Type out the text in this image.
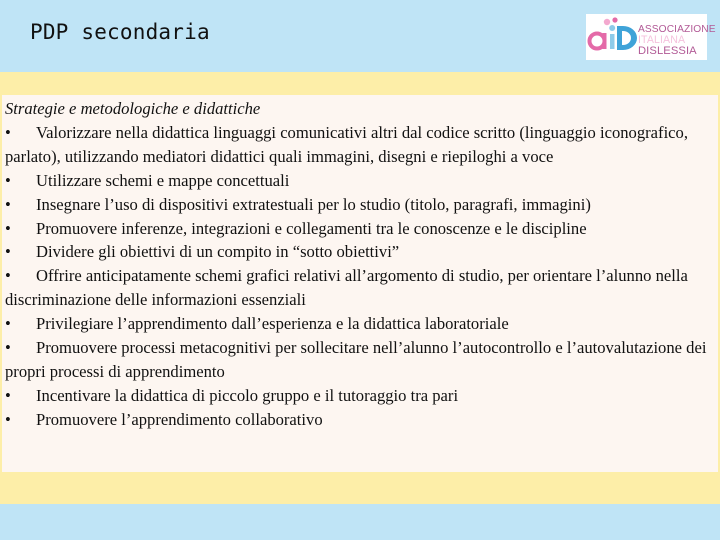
PDP secondaria	ASSOCIAZIONE
ITALIANA
DISLESSIA
Strategie e metodologiche e didattiche
• Valorizzare nella didattica linguaggi comunicativi altri dal codice scritto (linguaggio iconografico, parlato), utilizzando mediatori didattici quali immagini, disegni e riepiloghi a voce
• Utilizzare schemi e mappe concettuali
• Insegnare l’uso di dispositivi extratestuali per lo studio (titolo, paragrafi, immagini)
• Promuovere inferenze, integrazioni e collegamenti tra le conoscenze e le discipline
• Dividere gli obiettivi di un compito in “sotto obiettivi”
• Offrire anticipatamente schemi grafici relativi all’argomento di studio, per orientare l’alunno nella discriminazione delle informazioni essenziali
• Privilegiare l’apprendimento dall’esperienza e la didattica laboratoriale
• Promuovere processi metacognitivi per sollecitare nell’alunno l’autocontrollo e l’autovalutazione dei propri processi di apprendimento
• Incentivare la didattica di piccolo gruppo e il tutoraggio tra pari
• Promuovere l’apprendimento collaborativo
